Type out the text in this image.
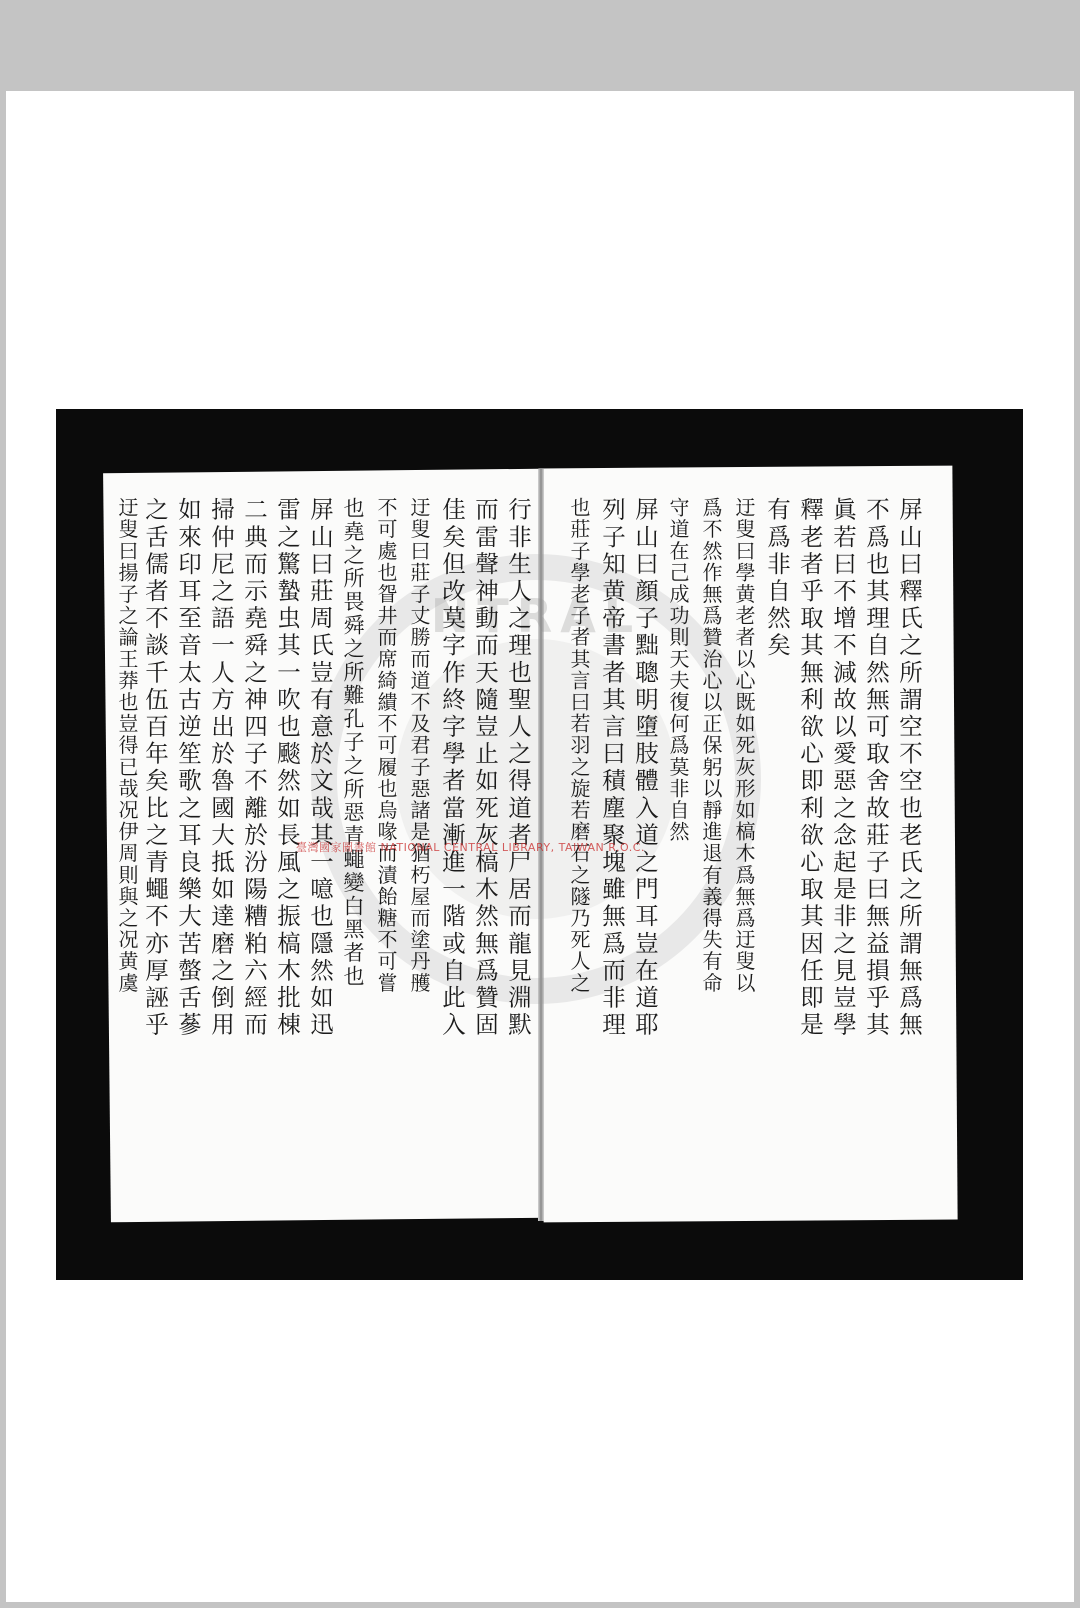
NTRAL	屏山曰釋氏之所謂空不空也老氏之所謂無爲無
不爲也其理自然無可取舍故莊子曰無益損乎其
眞若曰不增不減故以愛惡之念起是非之見豈學
釋老者乎取其無利欲心即利欲心取其因任即是
有爲非自然矣
迂叟曰學黄老者以心既如死灰形如槁木爲無爲迂叟以
爲不然作無爲贊治心以正保躬以靜進退有義得失有命
守道在己成功則天夫復何爲莫非自然
屏山曰顔子黜聰明墮肢體入道之門耳豈在道耶
列子知黄帝書者其言曰積塵聚塊雖無爲而非理
也莊子學老子者其言曰若羽之旋若磨石之隧乃死人之
行非生人之理也聖人之得道者尸居而龍見淵默
而雷聲神動而天隨豈止如死灰槁木然無爲贊固
佳矣但改莫字作終字學者當漸進一階或自此入
迂叟曰莊子丈勝而道不及君子惡諸是猶朽屋而塗丹雘
不可處也眢井而席綺繢不可履也烏喙而漬飴糖不可嘗
也堯之所畏舜之所難孔子之所惡青蠅變白黑者也
屏山曰莊周氏豈有意於文哉其一噫也隱然如迅
雷之驚蟄虫其一吹也颷然如長風之振槁木批棟
二典而示堯舜之神四子不離於汾陽糟粕六經而
掃仲尼之語一人方出於魯國大抵如達磨之倒用
如來印耳至音太古逆笙歌之耳良樂大苦螫舌蔘
之舌儒者不談千伍百年矣比之青蠅不亦厚誣乎
迂叟曰揚子之論王莽也豈得已哉况伊周則與之况黄虞	臺灣國家圖書館 NATIONAL CENTRAL LIBRARY, TAIWAN R.O.C.
